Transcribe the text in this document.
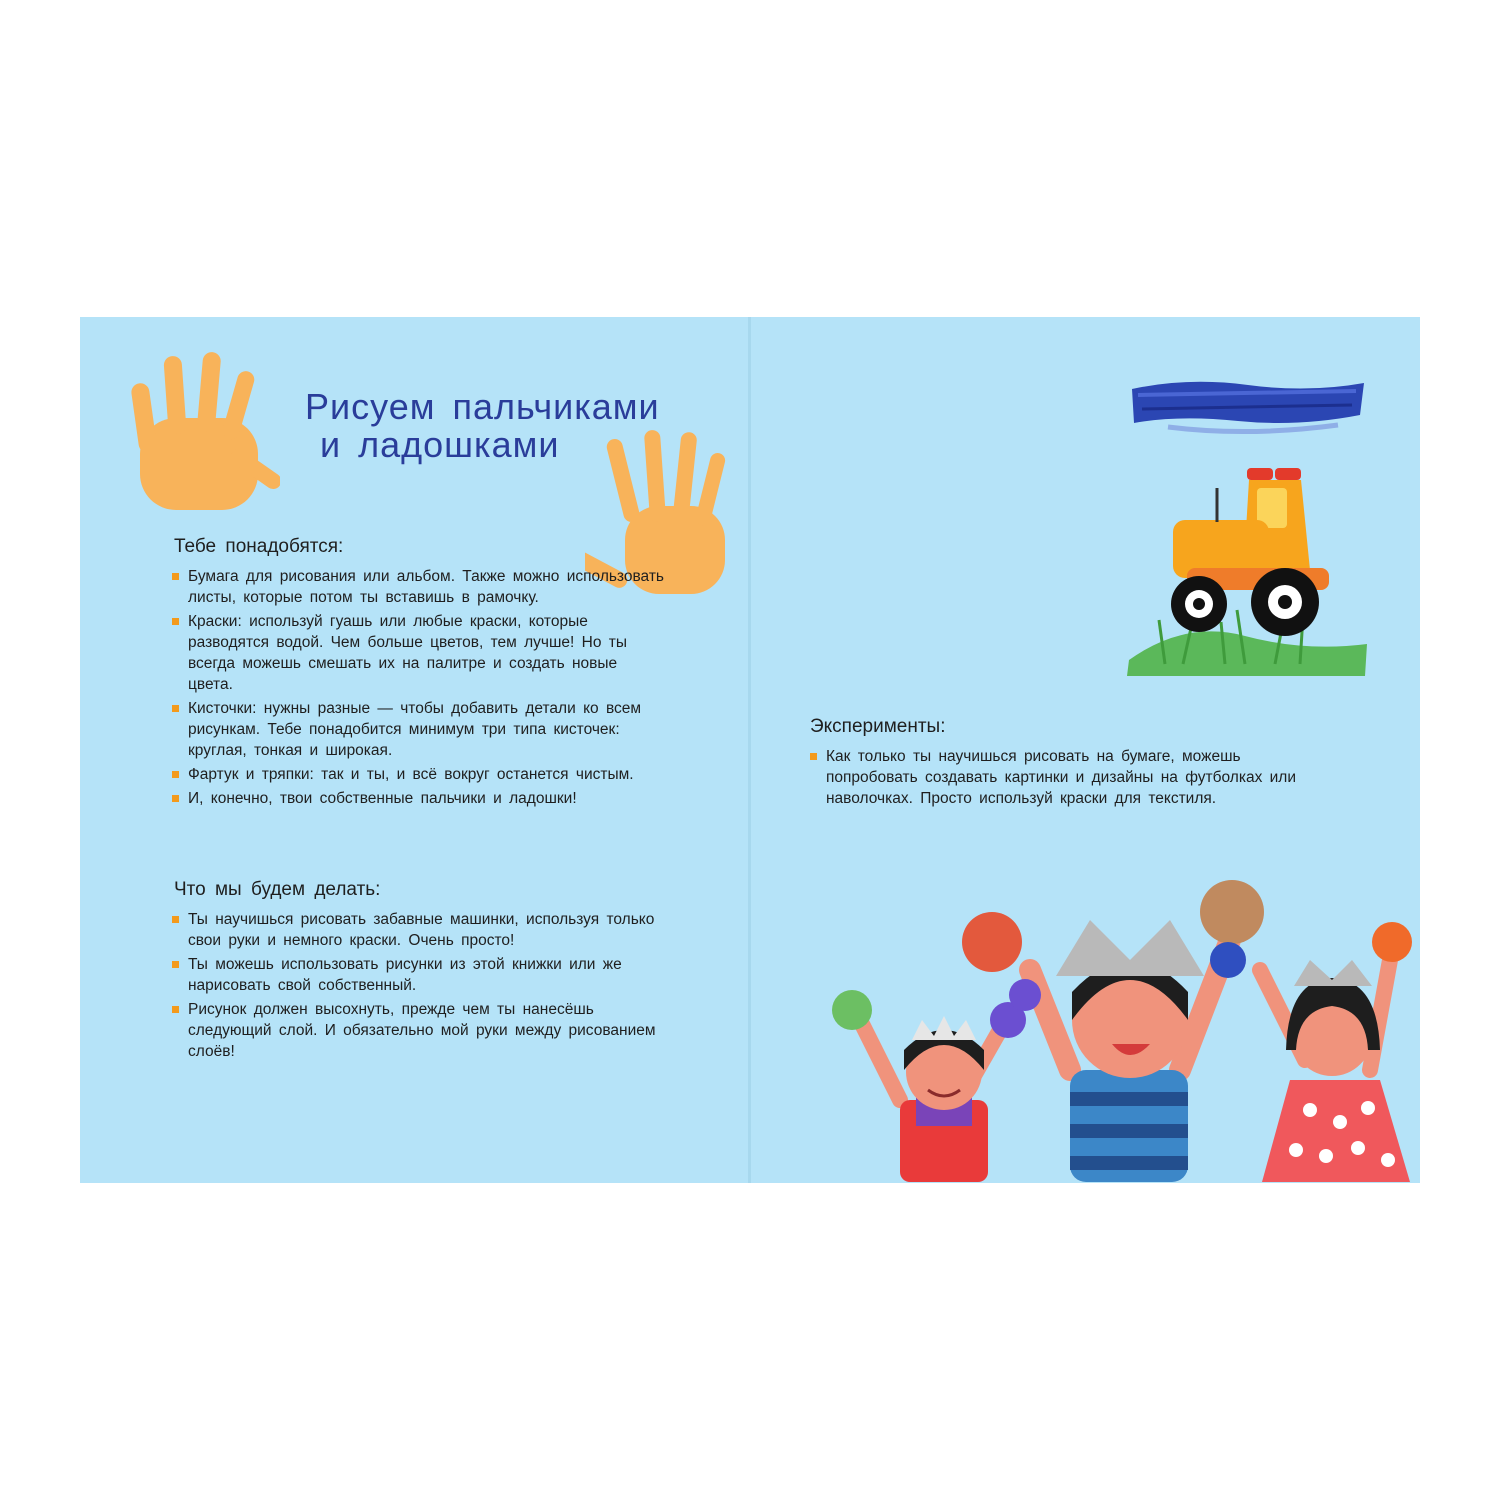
Рисуем пальчиками
и ладошками
Тебе понадобятся:
Бумага для рисования или альбом. Также можно использовать листы, которые потом ты вставишь в рамочку.
Краски: используй гуашь или любые краски, которые разводятся водой. Чем больше цветов, тем лучше! Но ты всегда можешь смешать их на палитре и создать новые цвета.
Кисточки: нужны разные — чтобы добавить детали ко всем рисункам. Тебе понадобится минимум три типа кисточек: круглая, тонкая и широкая.
Фартук и тряпки: так и ты, и всё вокруг останется чистым.
И, конечно, твои собственные пальчики и ладошки!
Что мы будем делать:
Ты научишься рисовать забавные машинки, используя только свои руки и немного краски. Очень просто!
Ты можешь использовать рисунки из этой книжки или же нарисовать свой собственный.
Рисунок должен высохнуть, прежде чем ты нанесёшь следующий слой. И обязательно мой руки между рисованием слоёв!
Эксперименты:
Как только ты научишься рисовать на бумаге, можешь попробовать создавать картинки и дизайны на футболках или наволочках. Просто используй краски для текстиля.
